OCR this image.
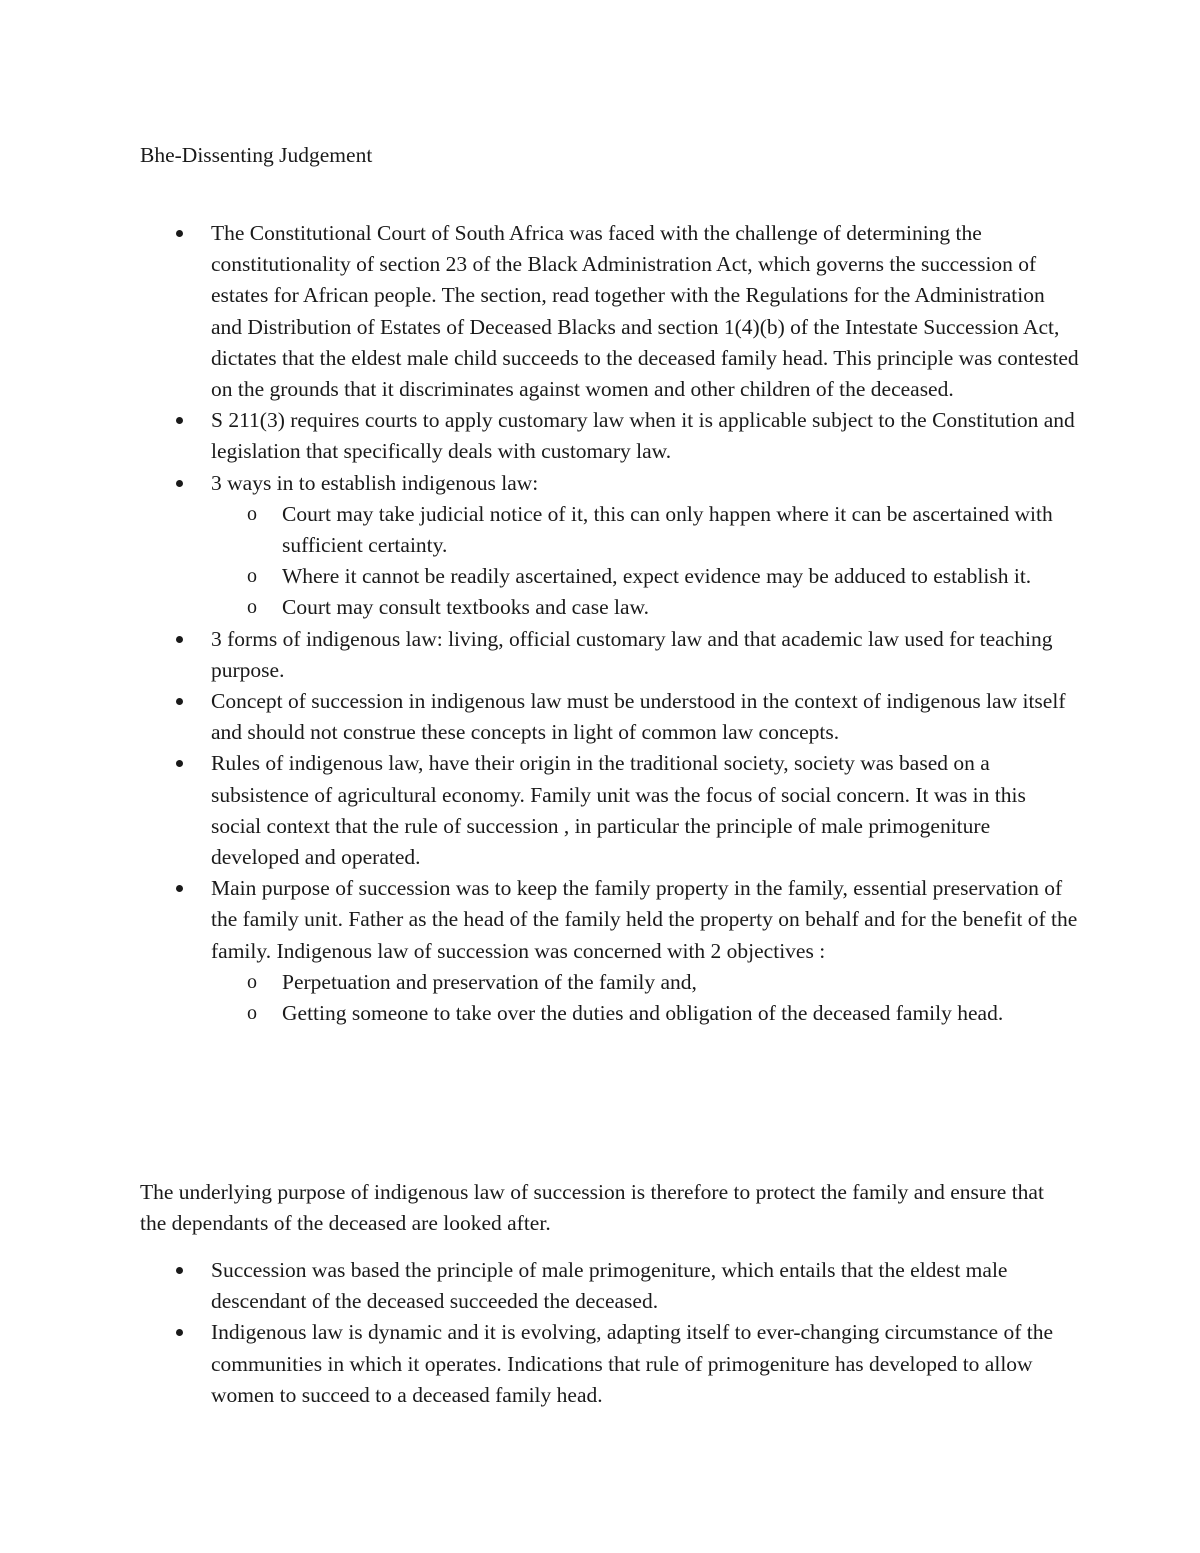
Bhe-Dissenting Judgement
The Constitutional Court of South Africa was faced with the challenge of determining the constitutionality of section 23 of the Black Administration Act, which governs the succession of estates for African people. The section, read together with the Regulations for the Administration and Distribution of Estates of Deceased Blacks and section 1(4)(b) of the Intestate Succession Act, dictates that the eldest male child succeeds to the deceased family head. This principle was contested on the grounds that it discriminates against women and other children of the deceased.
S 211(3) requires courts to apply customary law when it is applicable subject to the Constitution and legislation that specifically deals with customary law.
3 ways in to establish indigenous law:
o Court may take judicial notice of it, this can only happen where it can be ascertained with sufficient certainty.
o Where it cannot be readily ascertained, expect evidence may be adduced to establish it.
o Court may consult textbooks and case law.
3 forms of indigenous law: living, official customary law and that academic law used for teaching purpose.
Concept of succession in indigenous law must be understood in the context of indigenous law itself and should not construe these concepts in light of common law concepts.
Rules of indigenous law, have their origin in the traditional society, society was based on a subsistence of agricultural economy. Family unit was the focus of social concern. It was in this social context that the rule of succession , in particular the principle of male primogeniture developed and operated.
Main purpose of succession was to keep the family property in the family, essential preservation of the family unit. Father as the head of the family held the property on behalf and for the benefit of the family. Indigenous law of succession was concerned with 2 objectives :
o Perpetuation and preservation of the family and,
o Getting someone to take over the duties and obligation of the deceased family head.

The underlying purpose of indigenous law of succession is therefore to protect the family and ensure that the dependants of the deceased are looked after.

Succession was based the principle of male primogeniture, which entails that the eldest male descendant of the deceased succeeded the deceased.
Indigenous law is dynamic and it is evolving, adapting itself to ever-changing circumstance of the communities in which it operates. Indications that rule of primogeniture has developed to allow women to succeed to a deceased family head.
